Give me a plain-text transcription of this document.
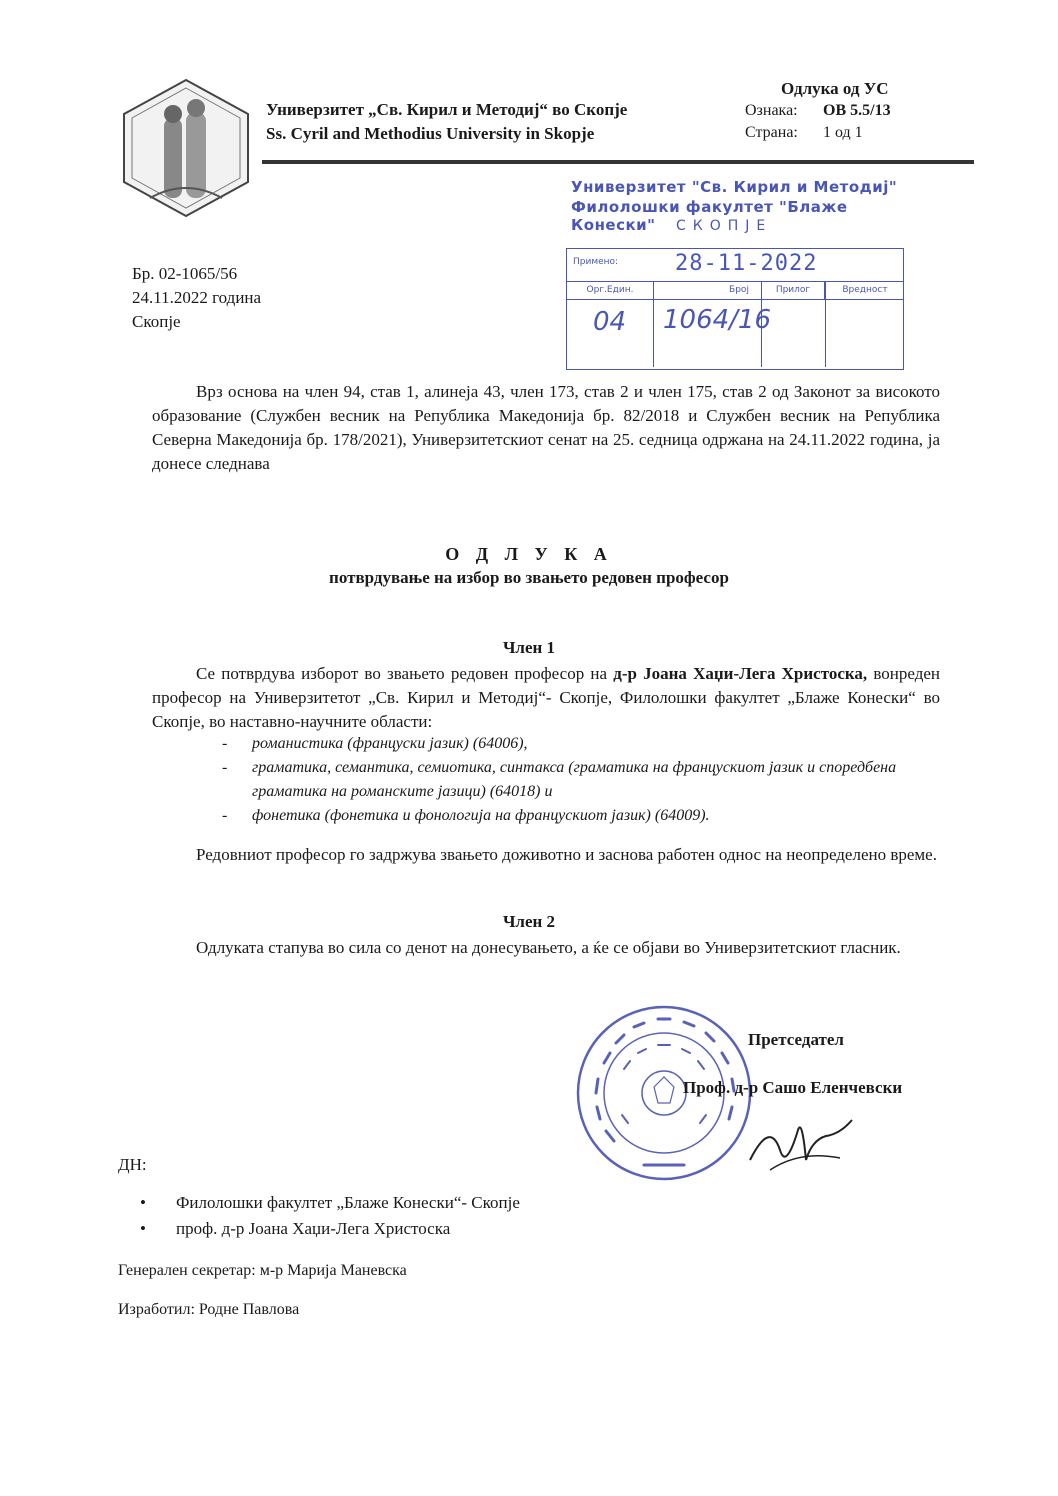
Универзитет „Св. Кирил и Методиј“ во Скопје
Ss. Cyril and Methodius University in Skopje
Одлука од УС
Ознака:	ОВ 5.5/13
Страна:	1 од 1
Универзитет "Св. Кирил и Методиј"
Филолошки факултет "Блаже Конески"	СКОПЈЕ
Примено:	28-11-2022
Орг.Един.	Број	Прилог	Вредност
04 1064/16
Бр. 02-1065/56
24.11.2022 година
Скопје
Врз основа на член 94, став 1, алинеја 43, член 173, став 2 и член 175, став 2 од Законот за високото образование (Службен весник на Република Македонија бр. 82/2018 и Службен весник на Република Северна Македонија бр. 178/2021), Универзитетскиот сенат на 25. седница одржана на 24.11.2022 година, ја донесе следнава
О Д Л У К А
потврдување на избор во звањето редовен професор
Член 1
Се потврдува изборот во звањето редовен професор на д-р Јоана Хаџи-Лега Христоска, вонреден професор на Универзитетот „Св. Кирил и Методиј“- Скопје, Филолошки факултет „Блаже Конески“ во Скопје, во наставно-научните области:
-	романистика (француски јазик) (64006),
-	граматика, семантика, семиотика, синтакса (граматика на францускиот јазик и споредбена граматика на романските јазици) (64018) и
-	фонетика (фонетика и фонологија на францускиот јазик) (64009).
Редовниот професор го задржува звањето доживотно и заснова работен однос на неопределено време.
Член 2
Одлуката стапува во сила со денот на донесувањето, а ќе се објави во Универзитетскиот гласник.
Претседател
Проф. д-р Сашо Еленчевски
ДН:
•	Филолошки факултет „Блаже Конески“- Скопје
•	проф. д-р Јоана Хаџи-Лега Христоска
Генерален секретар: м-р Марија Маневска
Изработил: Родне Павлова
